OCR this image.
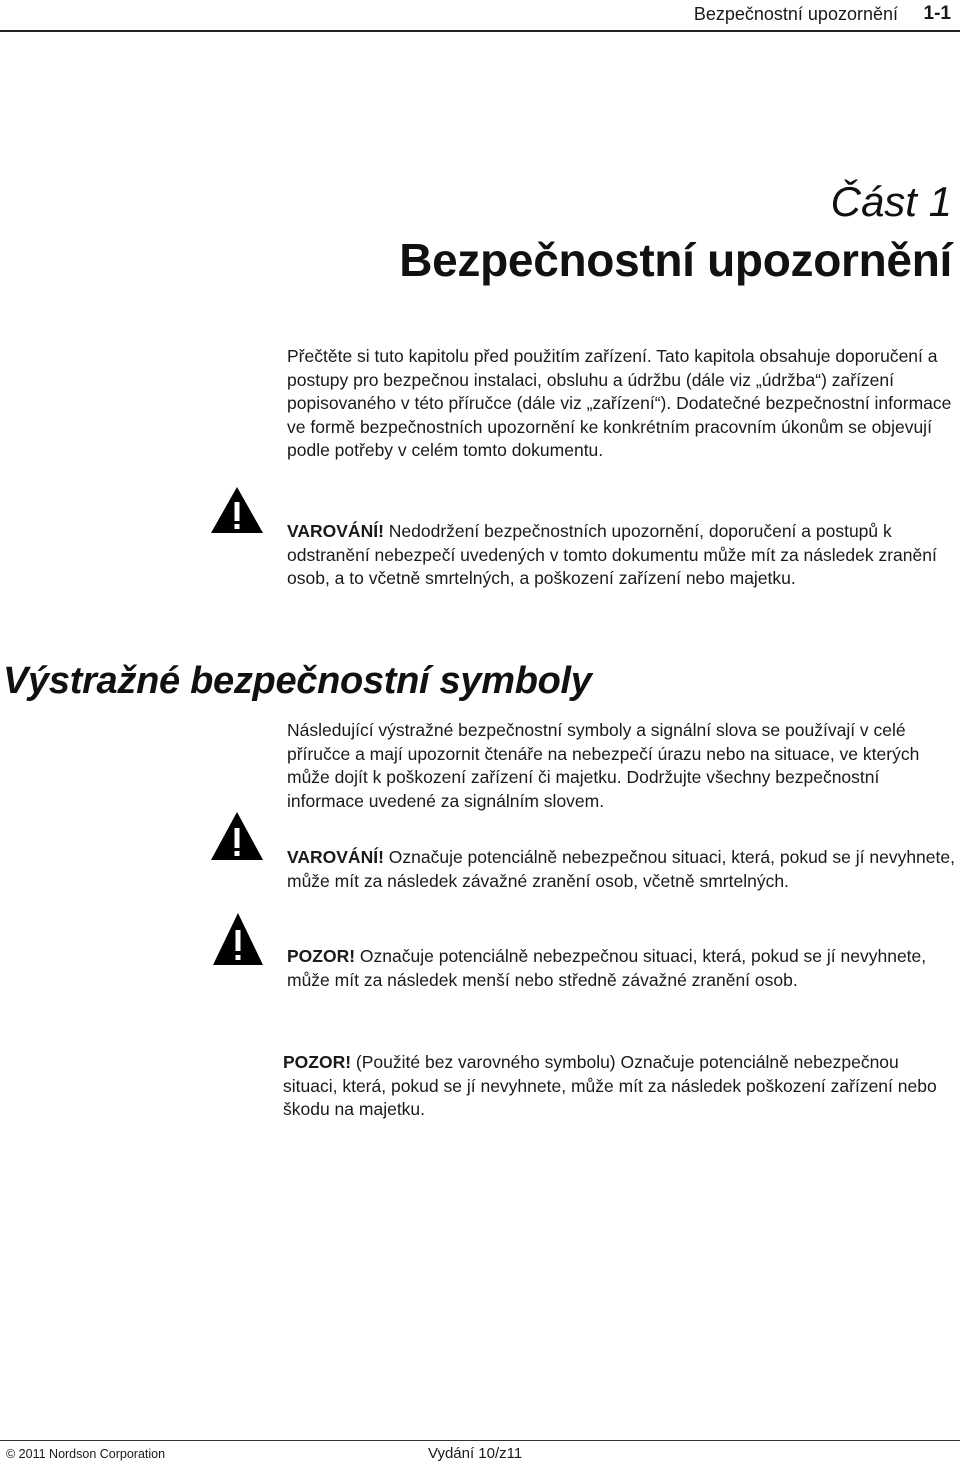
Bezpečnostní upozornění 1-1
Část 1
Bezpečnostní upozornění
Přečtěte si tuto kapitolu před použitím zařízení. Tato kapitola obsahuje doporučení a postupy pro bezpečnou instalaci, obsluhu a údržbu (dále viz „údržba“) zařízení popisovaného v této příručce (dále viz „zařízení“). Dodatečné bezpečnostní informace ve formě bezpečnostních upozornění ke konkrétním pracovním úkonům se objevují podle potřeby v celém tomto dokumentu.
VAROVÁNÍ! Nedodržení bezpečnostních upozornění, doporučení a postupů k odstranění nebezpečí uvedených v tomto dokumentu může mít za následek zranění osob, a to včetně smrtelných, a poškození zařízení nebo majetku.
Výstražné bezpečnostní symboly
Následující výstražné bezpečnostní symboly a signální slova se používají v celé příručce a mají upozornit čtenáře na nebezpečí úrazu nebo na situace, ve kterých může dojít k poškození zařízení či majetku. Dodržujte všechny bezpečnostní informace uvedené za signálním slovem.
VAROVÁNÍ! Označuje potenciálně nebezpečnou situaci, která, pokud se jí nevyhnete, může mít za následek závažné zranění osob, včetně smrtelných.
POZOR! Označuje potenciálně nebezpečnou situaci, která, pokud se jí nevyhnete, může mít za následek menší nebo středně závažné zranění osob.
POZOR! (Použité bez varovného symbolu) Označuje potenciálně nebezpečnou situaci, která, pokud se jí nevyhnete, může mít za následek poškození zařízení nebo škodu na majetku.
© 2011 Nordson Corporation	Vydání 10/z11
